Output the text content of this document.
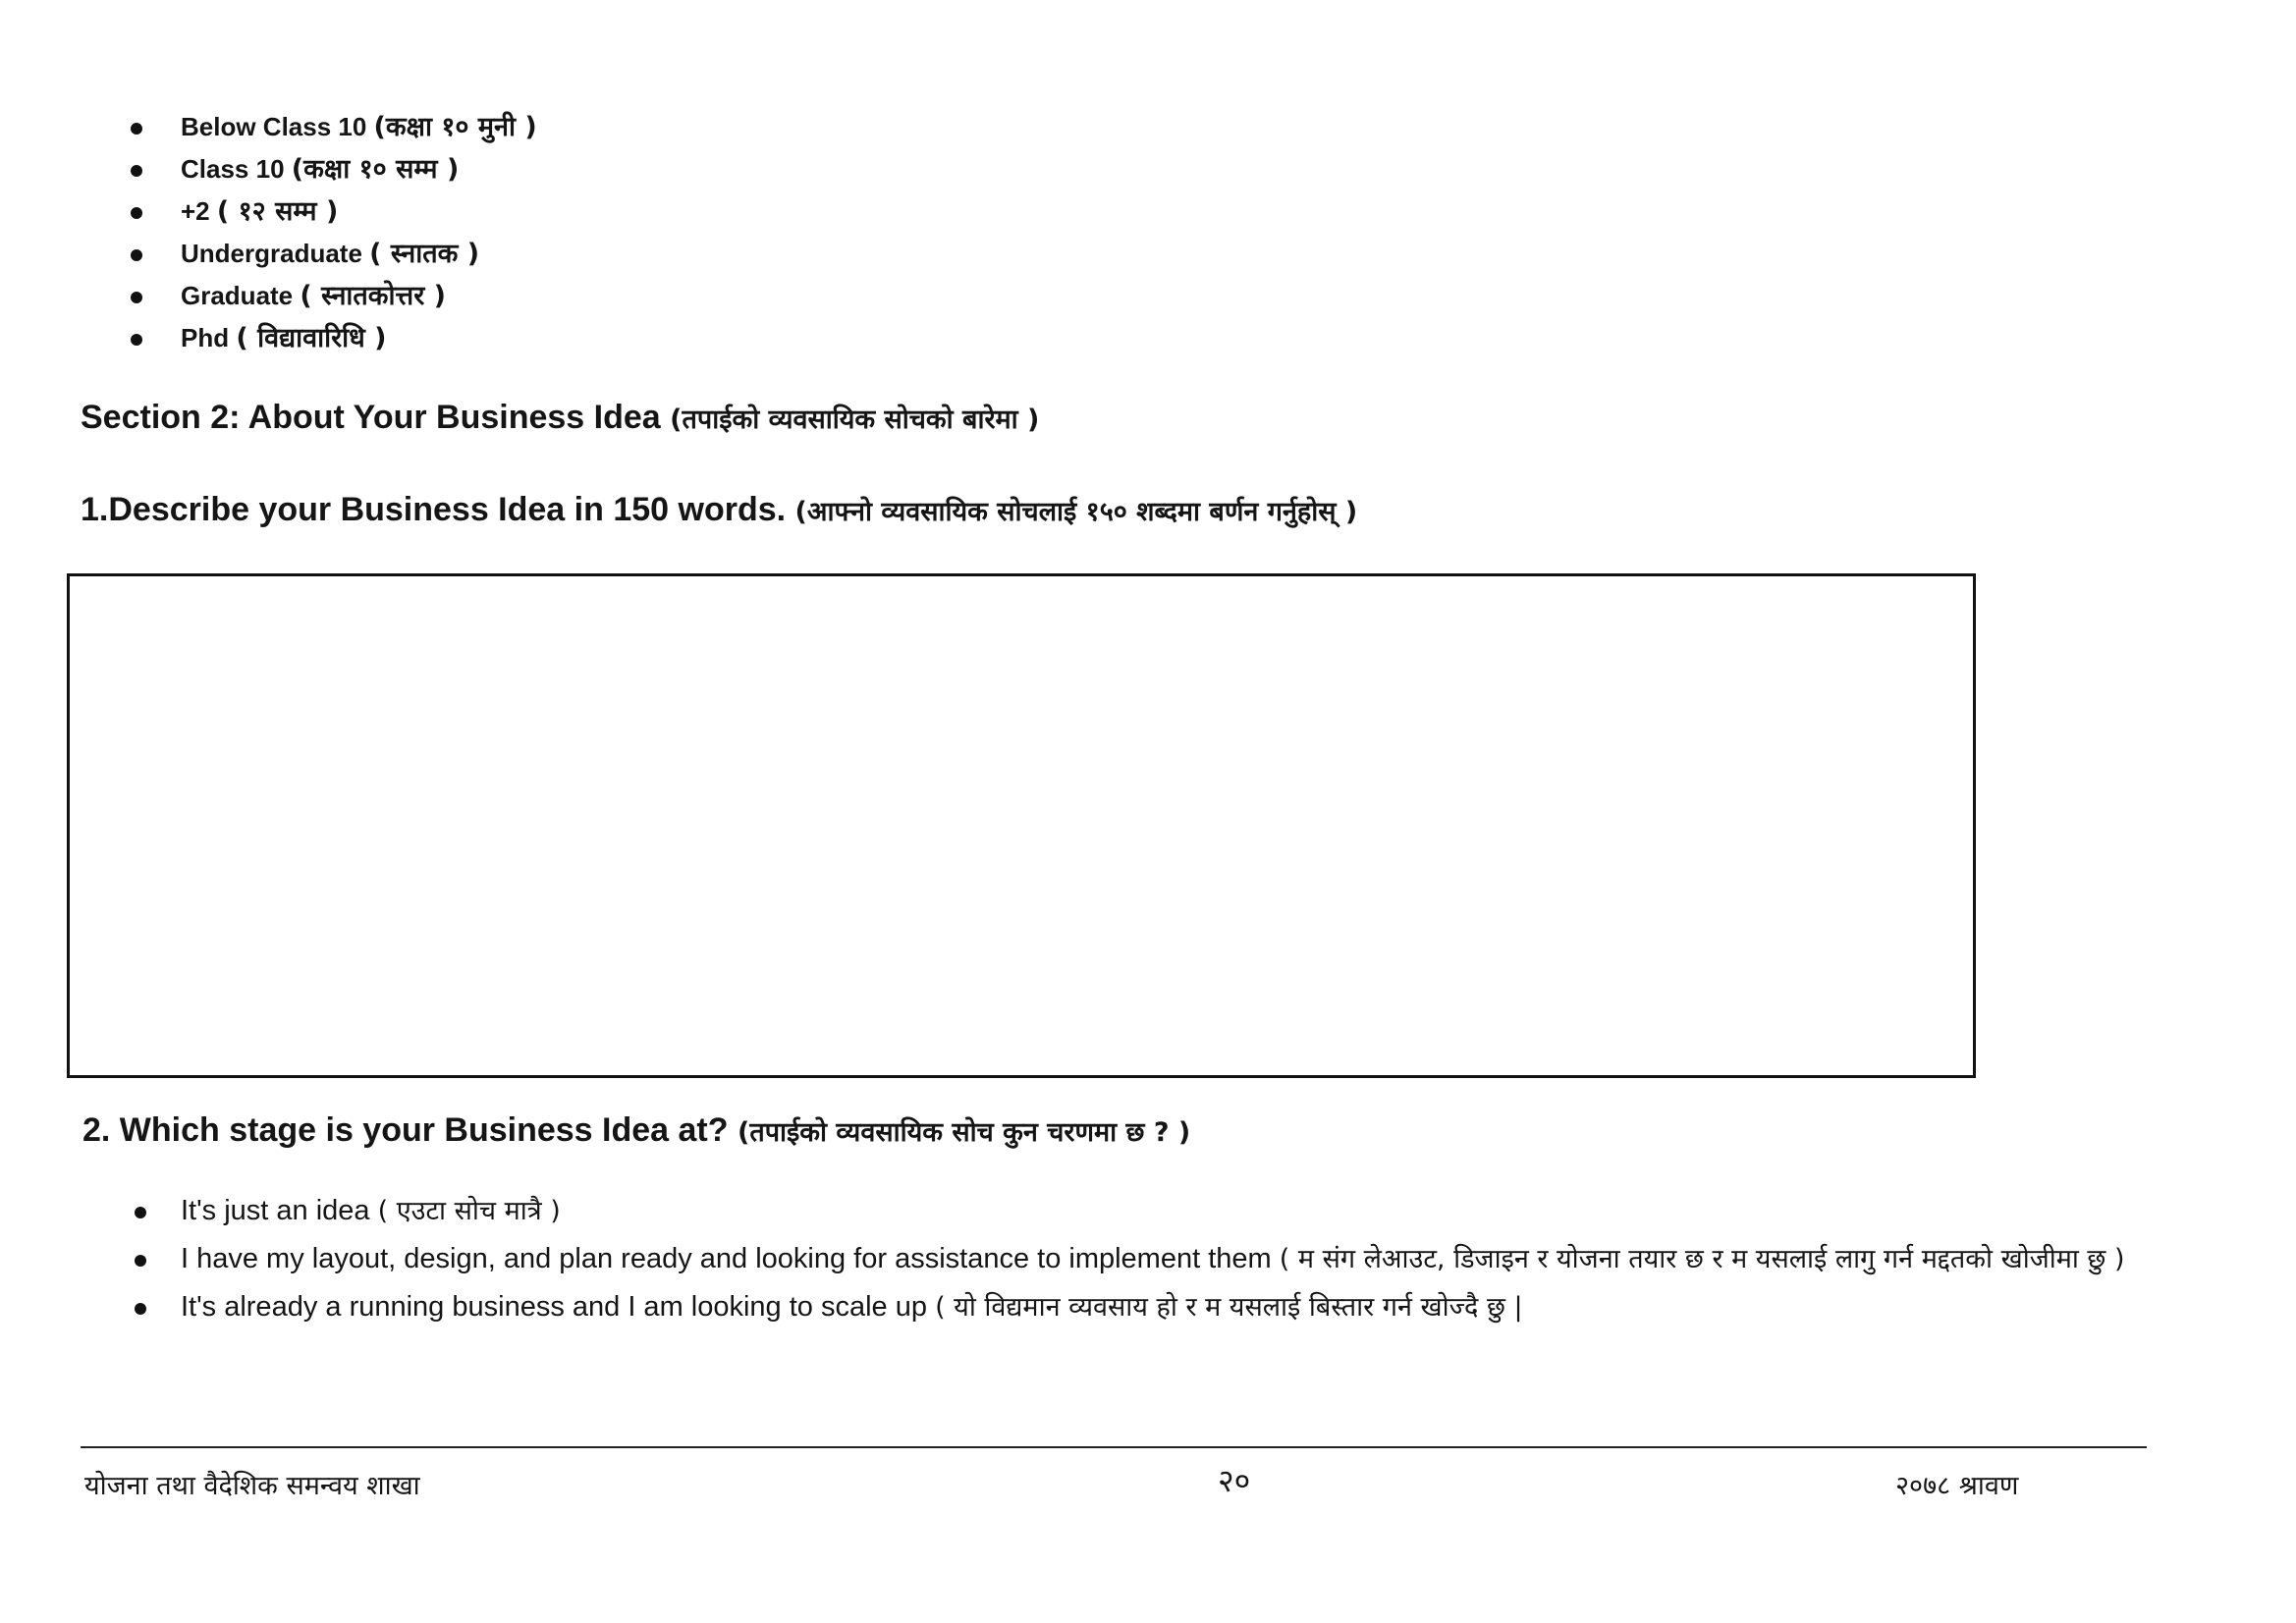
Below Class 10 (कक्षा १० मुनी )
Class 10 (कक्षा १० सम्म )
+2 ( १२ सम्म )
Undergraduate ( स्नातक )
Graduate ( स्नातकोत्तर )
Phd ( विद्यावारिधि )
Section 2: About Your Business Idea (तपाईको व्यवसायिक सोचको बारेमा )
1.Describe your Business Idea in 150 words. (आफ्नो व्यवसायिक सोचलाई १५० शब्दमा बर्णन गर्नुहोस् )
2. Which stage is your Business Idea at? (तपाईको व्यवसायिक सोच कुन चरणमा छ ? )
It's just an idea ( एउटा सोच मात्रै )
I have my layout, design, and plan ready and looking for assistance to implement them ( म संग लेआउट, डिजाइन र योजना तयार छ र म यसलाई लागु गर्न मद्दतको खोजीमा छु )
It's already a running business and I am looking to scale up ( यो विद्यमान व्यवसाय हो र म यसलाई बिस्तार गर्न खोज्दै छु |
योजना तथा वैदेशिक समन्वय शाखा	२०	२०७८ श्रावण
